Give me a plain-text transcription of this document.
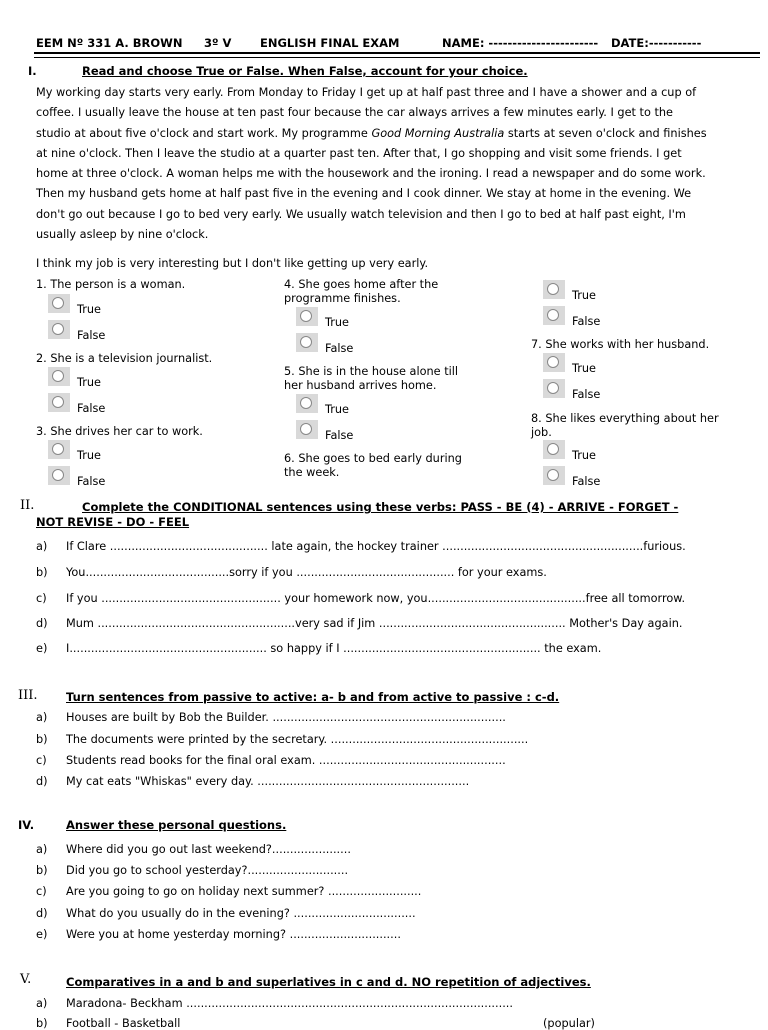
EEM Nº 331 A. BROWN 3º V ENGLISH FINAL EXAM	NAME: ----------------------- DATE:-----------
I.	Read and choose True or False. When False, account for your choice.
My working day starts very early. From Monday to Friday I get up at half past three and I have a shower and a cup of
coffee. I usually leave the house at ten past four because the car always arrives a few minutes early. I get to the
studio at about five o'clock and start work. My programme Good Morning Australia starts at seven o'clock and finishes
at nine o'clock. Then I leave the studio at a quarter past ten. After that, I go shopping and visit some friends. I get
home at three o'clock. A woman helps me with the housework and the ironing. I read a newspaper and do some work.
Then my husband gets home at half past five in the evening and I cook dinner. We stay at home in the evening. We
don't go out because I go to bed very early. We usually watch television and then I go to bed at half past eight, I'm
usually asleep by nine o'clock.
I think my job is very interesting but I don't like getting up very early.
1. The person is a woman.
True
False
2. She is a television journalist.
True
False
3. She drives her car to work.
True
False
4. She goes home after the programme finishes.
True
False
5. She is in the house alone till her husband arrives home.
True
False
6. She goes to bed early during the week.
True
False
7. She works with her husband.
True
False
8. She likes everything about her job.
True
False
II.	Complete the CONDITIONAL sentences using these verbs: PASS - BE (4) - ARRIVE - FORGET -
NOT REVISE - DO - FEEL
a) If Clare ............................................ late again, the hockey trainer ........................................................furious.
b) You........................................sorry if you ............................................ for your exams.
c) If you .................................................. your homework now, you............................................free all tomorrow.
d) Mum .......................................................very sad if Jim .................................................... Mother's Day again.
e) I....................................................... so happy if I ....................................................... the exam.
III. Turn sentences from passive to active: a- b and from active to passive : c-d.
a) Houses are built by Bob the Builder. .................................................................
b) The documents were printed by the secretary. .......................................................
c) Students read books for the final oral exam. ....................................................
d) My cat eats "Whiskas" every day. ...........................................................
IV.	Answer these personal questions.
a) Where did you go out last weekend?......................
b) Did you go to school yesterday?............................
c) Are you going to go on holiday next summer? ..........................
d) What do you usually do in the evening? ..................................
e) Were you at home yesterday morning? ...............................
V.	Comparatives in a and b and superlatives in c and d. NO repetition of adjectives.
a) Maradona- Beckham ...........................................................................................
b) Football - Basketball	(popular)
